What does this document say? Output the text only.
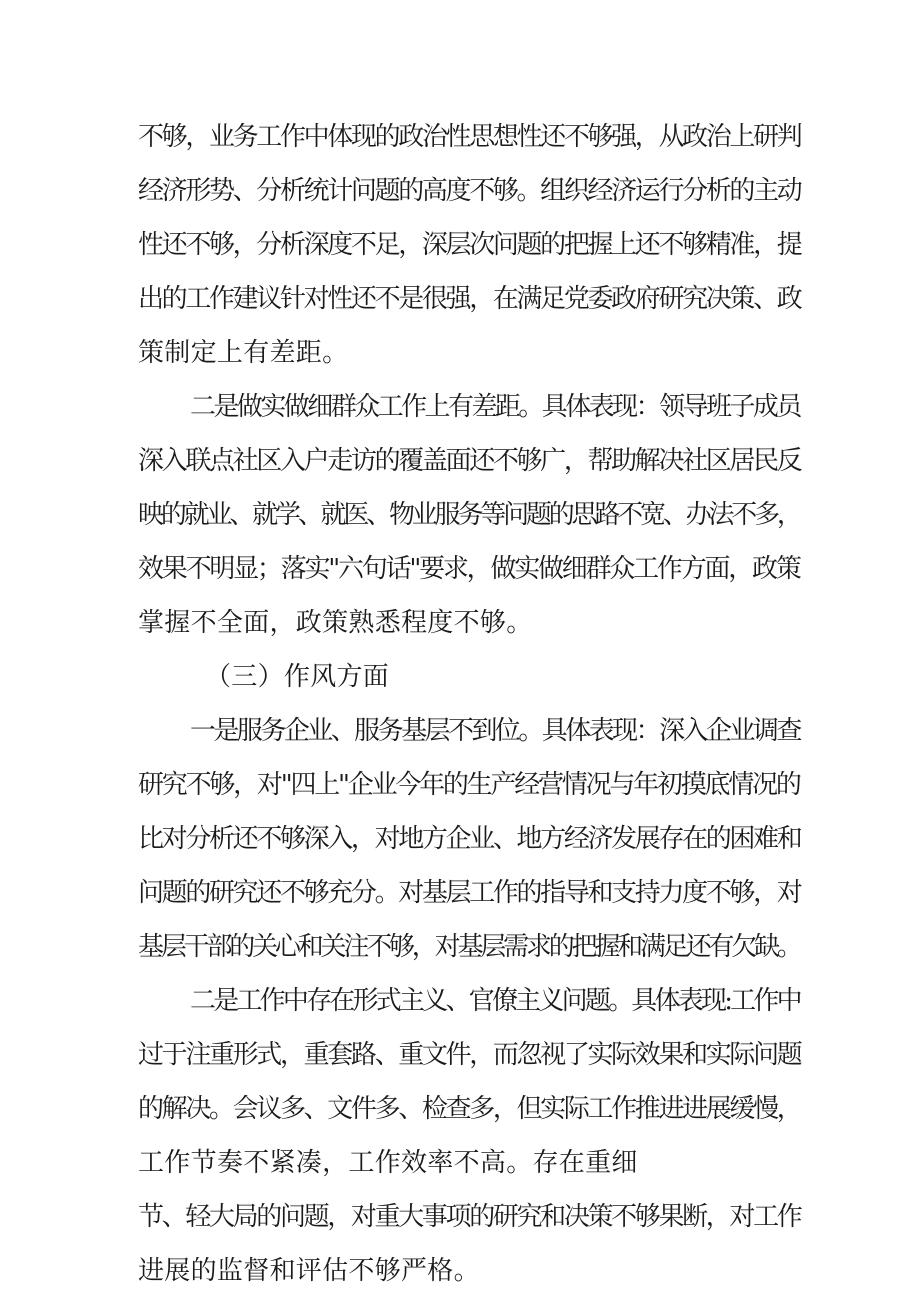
不够，业务工作中体现的政治性思想性还不够强，从政治上研判
经济形势、分析统计问题的高度不够。组织经济运行分析的主动
性还不够，分析深度不足，深层次问题的把握上还不够精准，提
出的工作建议针对性还不是很强，在满足党委政府研究决策、政
策制定上有差距。
二是做实做细群众工作上有差距。具体表现：领导班子成员
深入联点社区入户走访的覆盖面还不够广，帮助解决社区居民反
映的就业、就学、就医、物业服务等问题的思路不宽、办法不多，
效果不明显；落实"六句话"要求，做实做细群众工作方面，政策
掌握不全面，政策熟悉程度不够。
（三）作风方面
一是服务企业、服务基层不到位。具体表现：深入企业调查
研究不够，对"四上"企业今年的生产经营情况与年初摸底情况的
比对分析还不够深入，对地方企业、地方经济发展存在的困难和
问题的研究还不够充分。对基层工作的指导和支持力度不够，对
基层干部的关心和关注不够，对基层需求的把握和满足还有欠缺。
二是工作中存在形式主义、官僚主义问题。具体表现:工作中
过于注重形式，重套路、重文件，而忽视了实际效果和实际问题
的解决。会议多、文件多、检查多，但实际工作推进进展缓慢，
工作节奏不紧凑，工作效率不高。存在重细
节、轻大局的问题，对重大事项的研究和决策不够果断，对工作
进展的监督和评估不够严格。
